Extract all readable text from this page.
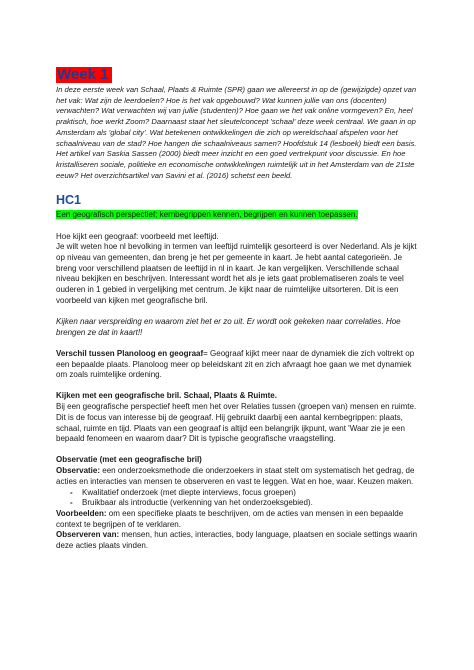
Week 1

In deze eerste week van Schaal, Plaats & Ruimte (SPR) gaan we allereerst in op de (gewijzigde) opzet van het vak: Wat zijn de leerdoelen? Hoe is het vak opgebouwd? Wat kunnen jullie van ons (docenten) verwachten? Wat verwachten wij van jullie (studenten)? Hoe gaan we het vak online vormgeven? En, heel praktisch, hoe werkt Zoom? Daarnaast staat het sleutelconcept 'schaal' deze week centraal. We gaan in op Amsterdam als 'global city'. Wat betekenen ontwikkelingen die zich op wereldschaal afspelen voor het schaalniveau van de stad? Hoe hangen die schaalniveaus samen? Hoofdstuk 14 (lesboek) biedt een basis. Het artikel van Saskia Sassen (2000) biedt meer inzicht en een goed vertrekpunt voor discussie. En hoe kristalliseren sociale, politieke en economische ontwikkelingen ruimtelijk uit in het Amsterdam van de 21ste eeuw? Het overzichtsartikel van Savini et al. (2016) schetst een beeld.

HC1
Een geografisch perspectief; kernbegrippen kennen, begrijpen en kunnen toepassen.

Hoe kijkt een geograaf: voorbeeld met leeftijd.

Je wilt weten hoe nl bevolking in termen van leeftijd ruimtelijk gesorteerd is over Nederland. Als je kijkt op niveau van gemeenten, dan breng je het per gemeente in kaart. Je hebt aantal categorieën. Je breng voor verschillend plaatsen de leeftijd in nl in kaart. Je kan vergelijken. Verschillende schaal niveau bekijken en beschrijven. Interessant wordt het als je iets gaat problematiseren zoals te veel ouderen in 1 gebied in vergelijking met centrum. Je kijkt naar de ruimtelijke uitsorteren. Dit is een voorbeeld van kijken met geografische bril.

Kijken naar verspreiding en waarom ziet het er zo uit. Er wordt ook gekeken naar correlaties. Hoe brengen ze dat in kaart!!
Verschil tussen Planoloog en geograaf= Geograaf kijkt meer naar de dynamiek die zich voltrekt op een bepaalde plaats. Planoloog meer op beleidskant zit en zich afvraagt hoe gaan we met dynamiek om zoals ruimtelijke ordening.

Kijken met een geografische bril. Schaal, Plaats & Ruimte.

Bij een geografische perspectief heeft men het over Relaties tussen (groepen van) mensen en ruimte. Dit is de focus van interesse bij de geograaf. Hij gebruikt daarbij een aantal kernbegrippen: plaats, schaal, ruimte en tijd. Plaats van een geograaf is altijd een belangrijk ijkpunt, want 'Waar zie je een bepaald fenomeen en waarom daar? Dit is typische geografische vraagstelling.

Observatie (met een geografische bril)

Observatie: een onderzoeksmethode die onderzoekers in staat stelt om systematisch het gedrag, de acties en interacties van mensen te observeren en vast te leggen. Wat en hoe, waar. Keuzen maken.

- Kwalitatief onderzoek (met diepte interviews, focus groepen)
- Bruikbaar als introductie (verkenning van het onderzoeksgebied).

Voorbeelden: om een specifieke plaats te beschrijven, om de acties van mensen in een bepaalde context te begrijpen of te verklaren.

Observeren van: mensen, hun acties, interacties, body language, plaatsen en sociale settings waarin deze acties plaats vinden.
